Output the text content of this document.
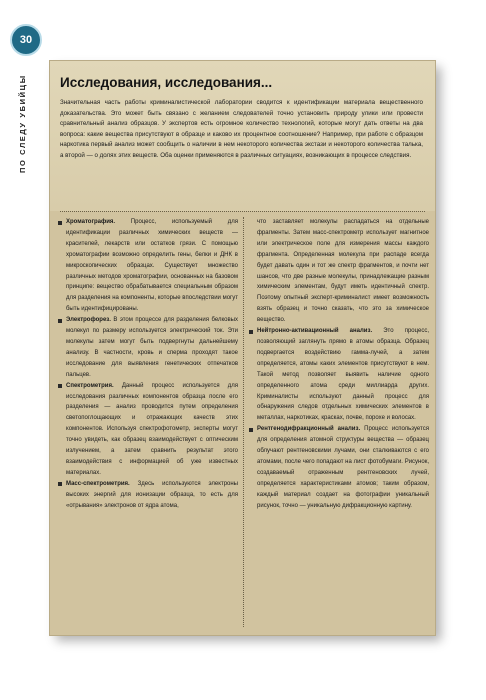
30
ПО СЛЕДУ УБИЙЦЫ	Исследования, исследования...
Значительная часть работы криминалистической лаборатории сводится к идентификации материала вещественного доказательства. Это может быть связано с желанием следователей точно установить природу улики или провести сравнительный анализ образцов. У экспертов есть огромное количество технологий, которые могут дать ответы на два вопроса: какие вещества присутствуют в образце и каково их процентное соотношение? Например, при работе с образцом наркотика первый анализ может сообщить о наличии в нем некоторого количества экстази и некоторого количества талька, а второй — о долях этих веществ. Оба оценки применяются в различных ситуациях, возникающих в процессе следствия.

Хроматография. Процесс, используемый для идентификации различных химических веществ — красителей, лекарств или остатков грязи. С помощью хроматографии возможно определить гены, белки и ДНК в микроскопических образцах. Существует множество различных методов хроматографии, основанных на базовом принципе: вещество обрабатывается специальным образом для разделения на компоненты, которые впоследствии могут быть идентифицированы.

Электрофорез. В этом процессе для разделения белковых молекул по размеру используется электрический ток. Эти молекулы затем могут быть подвергнуты дальнейшему анализу. В частности, кровь и сперма проходят такое исследование для выявления генетических отпечатков пальцев.

Спектрометрия. Данный процесс используется для исследования различных компонентов образца после его разделения — анализ проводится путем определения светопоглощающих и отражающих качеств этих компонентов. Используя спектрофотометр, эксперты могут точно увидеть, как образец взаимодействует с оптическим излучением, а затем сравнить результат этого взаимодействия с информацией об уже известных материалах.

Масс-спектрометрия. Здесь используются электроны высоких энергий для ионизации образца, то есть для «отрывания» электронов от ядра атома,

что заставляет молекулы распадаться на отдельные фрагменты. Затем масс-спектрометр использует магнитное или электрическое поле для измерения массы каждого фрагмента. Определенная молекула при распаде всегда будет давать один и тот же спектр фрагментов, и почти нет шансов, что две разные молекулы, принадлежащие разным химическим элементам, будут иметь идентичный спектр. Поэтому опытный эксперт-криминалист имеет возможность взять образец и точно сказать, что это за химическое вещество.

Нейтронно-активационный анализ. Это процесс, позволяющий заглянуть прямо в атомы образца. Образец подвергается воздействию гамма-лучей, а затем определяется, атомы каких элементов присутствуют в нем. Такой метод позволяет выявить наличие одного определенного атома среди миллиарда других. Криминалисты используют данный процесс для обнаружения следов отдельных химических элементов в металлах, наркотиках, красках, почве, порохе и волосах.

Рентгенодифракционный анализ. Процесс используется для определения атомной структуры вещества — образец облучают рентгеновскими лучами, они сталкиваются с его атомами, после чего попадают на лист фотобумаги. Рисунок, создаваемый отраженным рентгеновских лучей, определяется характеристиками атомов; таким образом, каждый материал создает на фотографии уникальный рисунок, точно — уникальную дифракционную картину.
